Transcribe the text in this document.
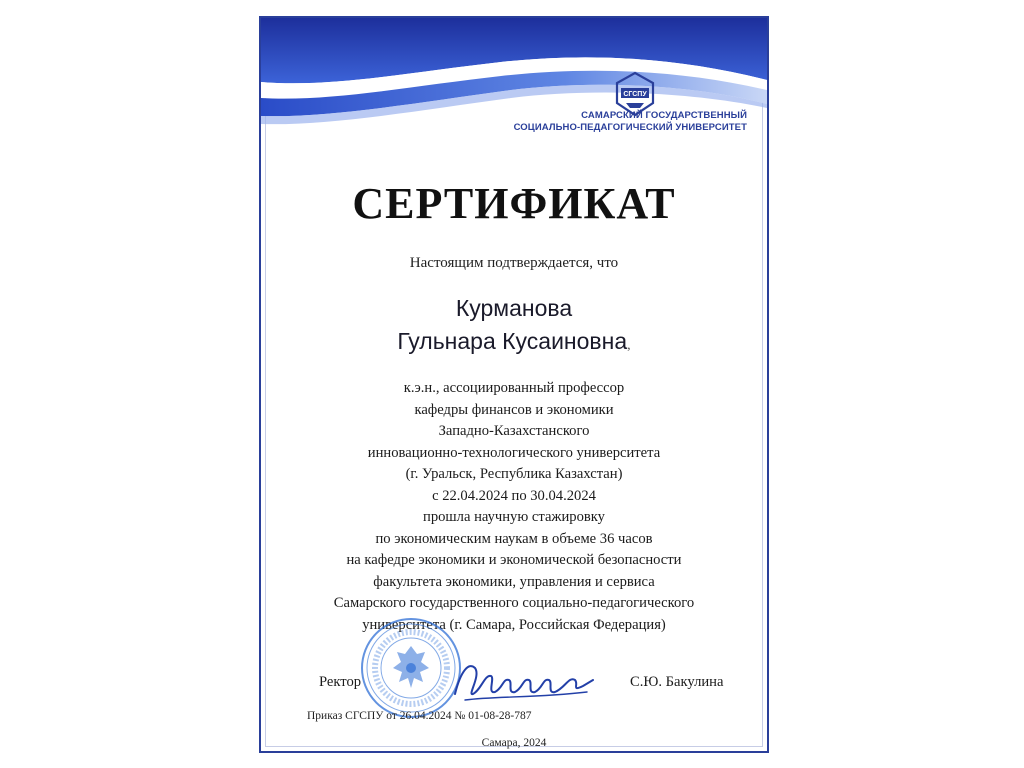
СГСПУ
САМАРСКИЙ ГОСУДАРСТВЕННЫЙ
СОЦИАЛЬНО-ПЕДАГОГИЧЕСКИЙ УНИВЕРСИТЕТ
СЕРТИФИКАТ
Настоящим подтверждается, что
Курманова
Гульнара Кусаиновна,
к.э.н., ассоциированный профессор
кафедры финансов и экономики
Западно-Казахстанского
инновационно-технологического университета
(г. Уральск, Республика Казахстан)
с 22.04.2024 по 30.04.2024
прошла научную стажировку
по экономическим наукам в объеме 36 часов
на кафедре экономики и экономической безопасности
факультета экономики, управления и сервиса
Самарского государственного социально-педагогического
университета (г. Самара, Российская Федерация)
Ректор	С.Ю. Бакулина
Приказ СГСПУ от 26.04.2024 № 01-08-28-787
Самара, 2024
